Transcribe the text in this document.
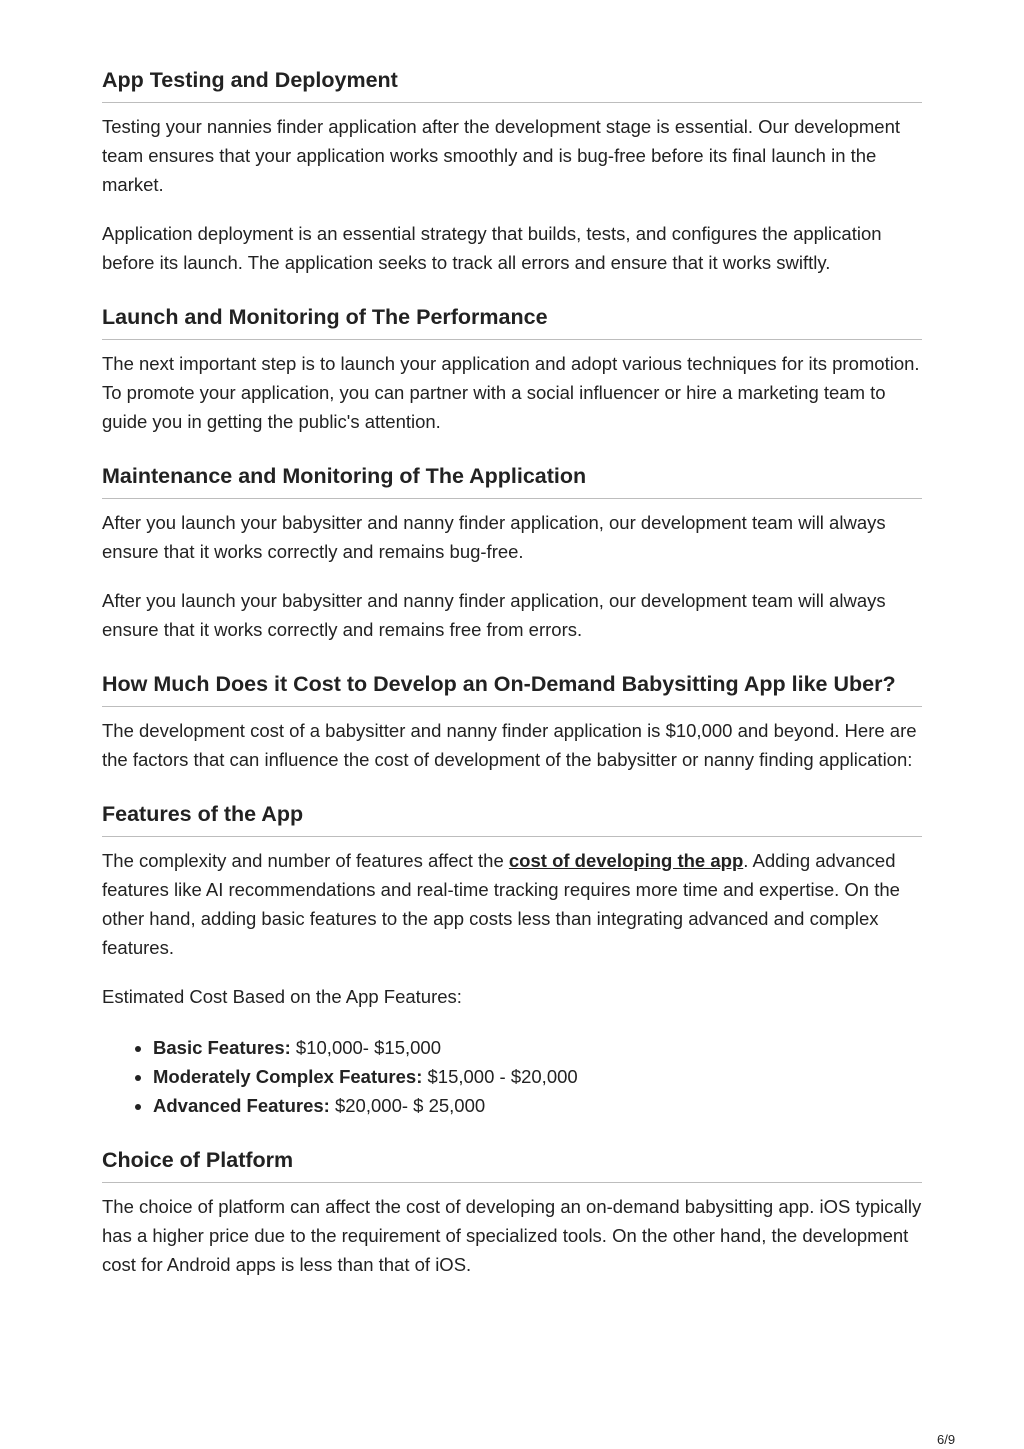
App Testing and Deployment

Testing your nannies finder application after the development stage is essential. Our development team ensures that your application works smoothly and is bug-free before its final launch in the market.

Application deployment is an essential strategy that builds, tests, and configures the application before its launch. The application seeks to track all errors and ensure that it works swiftly.

Launch and Monitoring of The Performance

The next important step is to launch your application and adopt various techniques for its promotion. To promote your application, you can partner with a social influencer or hire a marketing team to guide you in getting the public's attention.

Maintenance and Monitoring of The Application

After you launch your babysitter and nanny finder application, our development team will always ensure that it works correctly and remains bug-free.

After you launch your babysitter and nanny finder application, our development team will always ensure that it works correctly and remains free from errors.

How Much Does it Cost to Develop an On-Demand Babysitting App like Uber?

The development cost of a babysitter and nanny finder application is $10,000 and beyond. Here are the factors that can influence the cost of development of the babysitter or nanny finding application:

Features of the App

The complexity and number of features affect the cost of developing the app. Adding advanced features like AI recommendations and real-time tracking requires more time and expertise. On the other hand, adding basic features to the app costs less than integrating advanced and complex features.

Estimated Cost Based on the App Features:

• Basic Features: $10,000- $15,000
• Moderately Complex Features: $15,000 - $20,000
• Advanced Features: $20,000- $ 25,000
Choice of Platform

The choice of platform can affect the cost of developing an on-demand babysitting app. iOS typically has a higher price due to the requirement of specialized tools. On the other hand, the development cost for Android apps is less than that of iOS.

6/9
